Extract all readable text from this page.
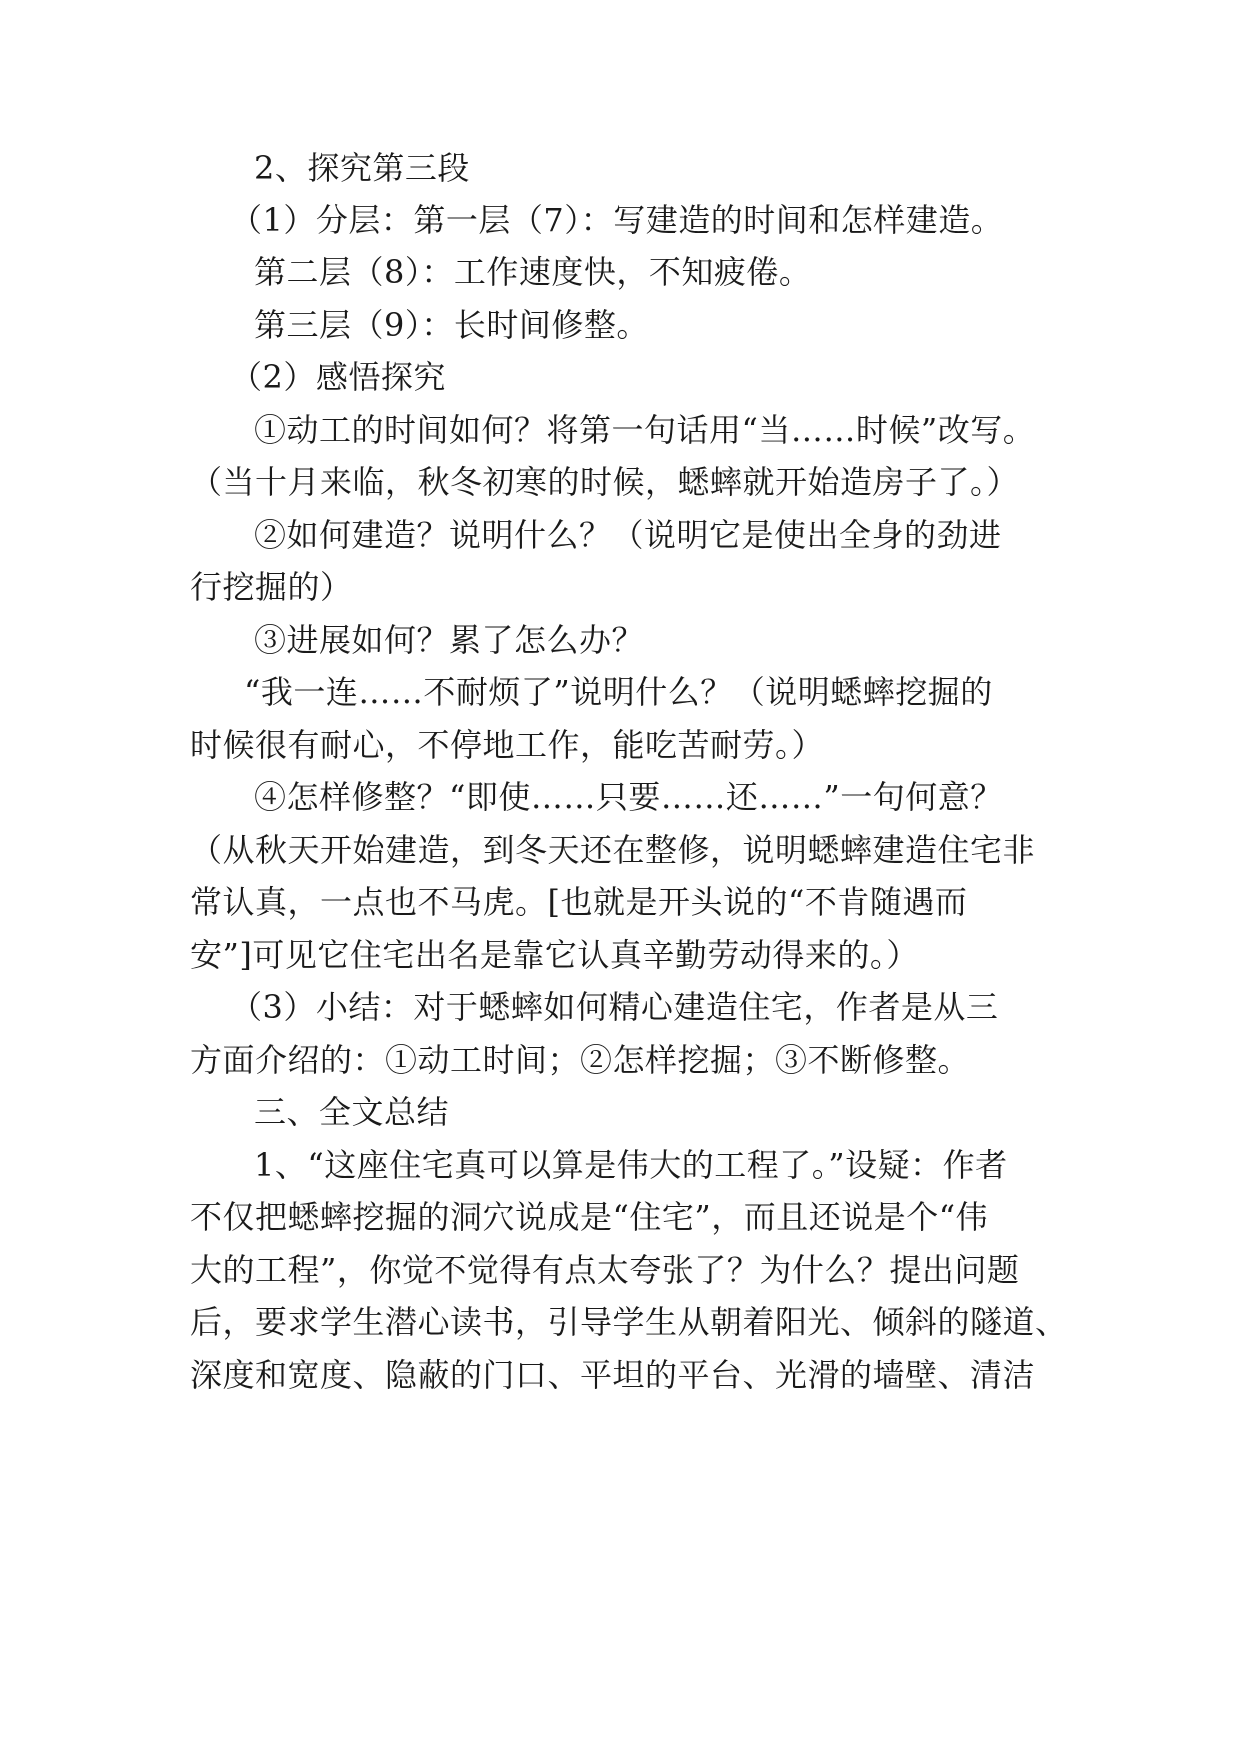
2、探究第三段
（1）分层：第一层（7）：写建造的时间和怎样建造。
第二层（8）：工作速度快，不知疲倦。
第三层（9）：长时间修整。
（2）感悟探究
①动工的时间如何？将第一句话用“当……时候”改写。
（当十月来临，秋冬初寒的时候，蟋蟀就开始造房子了。）
②如何建造？说明什么？（说明它是使出全身的劲进
行挖掘的）
③进展如何？累了怎么办？
“我一连……不耐烦了”说明什么？（说明蟋蟀挖掘的
时候很有耐心，不停地工作，能吃苦耐劳。）
④怎样修整？“即使……只要……还……”一句何意？
（从秋天开始建造，到冬天还在整修，说明蟋蟀建造住宅非
常认真，一点也不马虎。[也就是开头说的“不肯随遇而
安”]可见它住宅出名是靠它认真辛勤劳动得来的。）
（3）小结：对于蟋蟀如何精心建造住宅，作者是从三
方面介绍的：①动工时间；②怎样挖掘；③不断修整。
三、全文总结
1、“这座住宅真可以算是伟大的工程了。”设疑：作者
不仅把蟋蟀挖掘的洞穴说成是“住宅”，而且还说是个“伟
大的工程”，你觉不觉得有点太夸张了？为什么？提出问题
后，要求学生潜心读书，引导学生从朝着阳光、倾斜的隧道、
深度和宽度、隐蔽的门口、平坦的平台、光滑的墙壁、清洁
